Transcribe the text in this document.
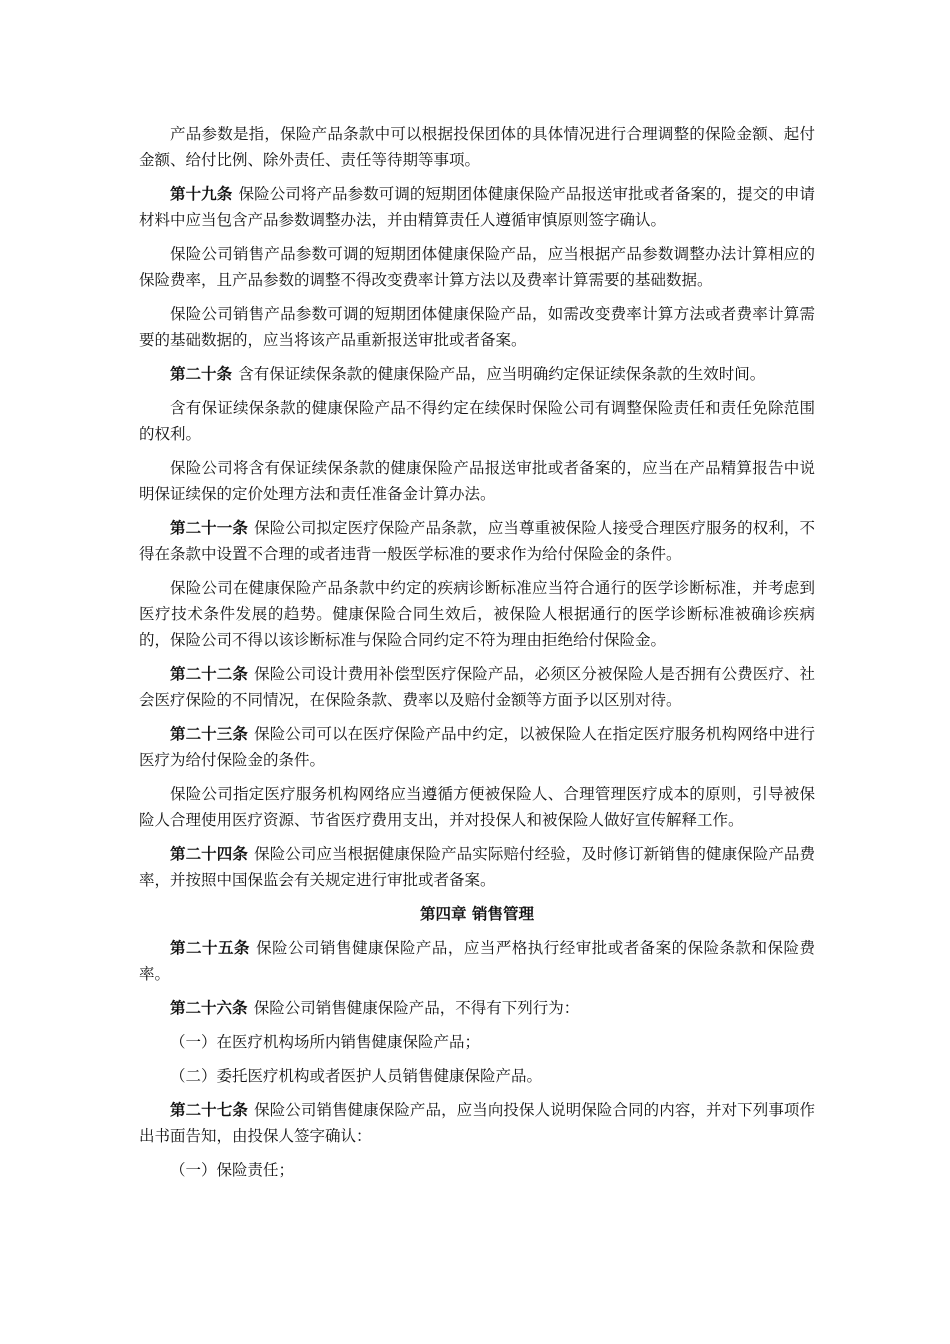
产品参数是指，保险产品条款中可以根据投保团体的具体情况进行合理调整的保险金额、起付金额、给付比例、除外责任、责任等待期等事项。

第十九条 保险公司将产品参数可调的短期团体健康保险产品报送审批或者备案的，提交的申请材料中应当包含产品参数调整办法，并由精算责任人遵循审慎原则签字确认。

保险公司销售产品参数可调的短期团体健康保险产品，应当根据产品参数调整办法计算相应的保险费率，且产品参数的调整不得改变费率计算方法以及费率计算需要的基础数据。

保险公司销售产品参数可调的短期团体健康保险产品，如需改变费率计算方法或者费率计算需要的基础数据的，应当将该产品重新报送审批或者备案。

第二十条 含有保证续保条款的健康保险产品，应当明确约定保证续保条款的生效时间。

含有保证续保条款的健康保险产品不得约定在续保时保险公司有调整保险责任和责任免除范围的权利。

保险公司将含有保证续保条款的健康保险产品报送审批或者备案的，应当在产品精算报告中说明保证续保的定价处理方法和责任准备金计算办法。

第二十一条 保险公司拟定医疗保险产品条款，应当尊重被保险人接受合理医疗服务的权利，不得在条款中设置不合理的或者违背一般医学标准的要求作为给付保险金的条件。

保险公司在健康保险产品条款中约定的疾病诊断标准应当符合通行的医学诊断标准，并考虑到医疗技术条件发展的趋势。健康保险合同生效后，被保险人根据通行的医学诊断标准被确诊疾病的，保险公司不得以该诊断标准与保险合同约定不符为理由拒绝给付保险金。

第二十二条 保险公司设计费用补偿型医疗保险产品，必须区分被保险人是否拥有公费医疗、社会医疗保险的不同情况，在保险条款、费率以及赔付金额等方面予以区别对待。

第二十三条 保险公司可以在医疗保险产品中约定，以被保险人在指定医疗服务机构网络中进行医疗为给付保险金的条件。

保险公司指定医疗服务机构网络应当遵循方便被保险人、合理管理医疗成本的原则，引导被保险人合理使用医疗资源、节省医疗费用支出，并对投保人和被保险人做好宣传解释工作。

第二十四条 保险公司应当根据健康保险产品实际赔付经验，及时修订新销售的健康保险产品费率，并按照中国保监会有关规定进行审批或者备案。

第四章 销售管理

第二十五条 保险公司销售健康保险产品，应当严格执行经审批或者备案的保险条款和保险费率。

第二十六条 保险公司销售健康保险产品，不得有下列行为：

（一）在医疗机构场所内销售健康保险产品；

（二）委托医疗机构或者医护人员销售健康保险产品。

第二十七条 保险公司销售健康保险产品，应当向投保人说明保险合同的内容，并对下列事项作出书面告知，由投保人签字确认：

（一）保险责任；
